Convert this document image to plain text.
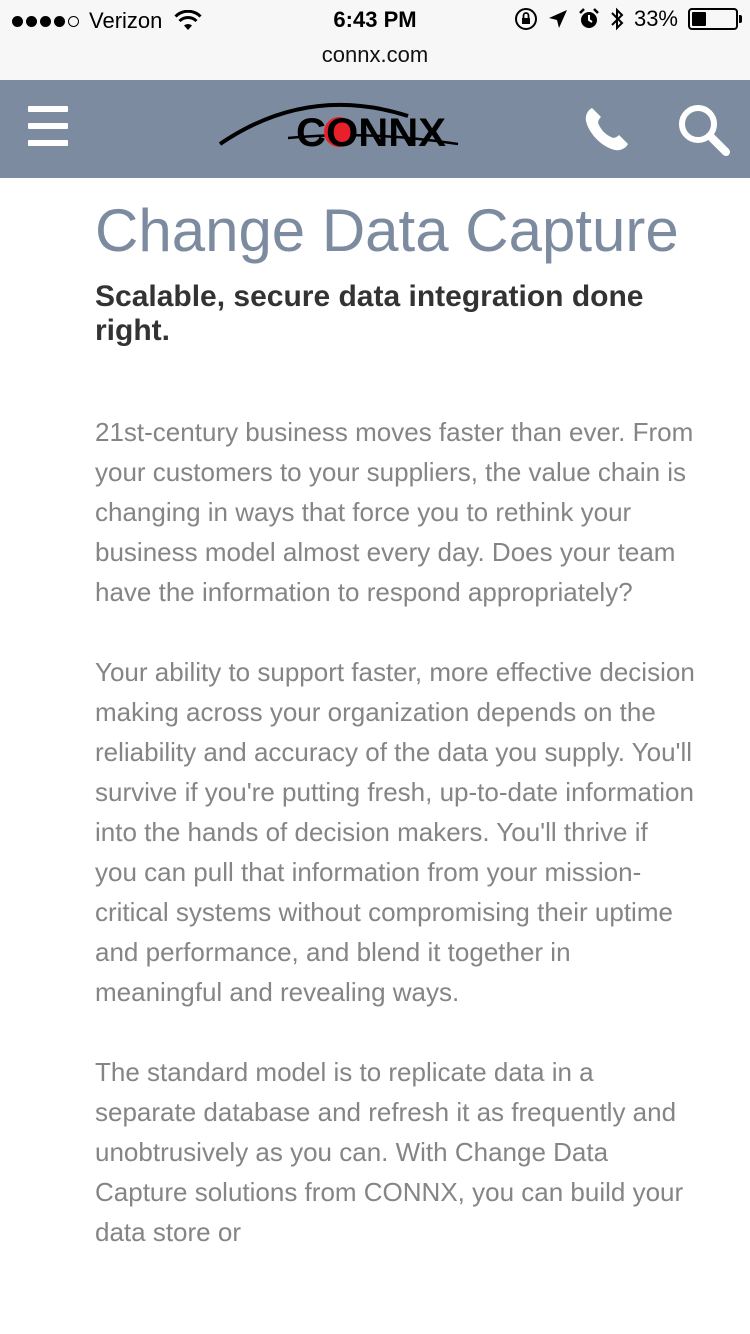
Verizon	6:43 PM	33%
connx.com
CONNX
Change Data Capture
Scalable, secure data integration done right.

21st-century business moves faster than ever. From your customers to your suppliers, the value chain is changing in ways that force you to rethink your business model almost every day. Does your team have the information to respond appropriately?

Your ability to support faster, more effective decision making across your organization depends on the reliability and accuracy of the data you supply. You'll survive if you're putting fresh, up-to-date information into the hands of decision makers. You'll thrive if you can pull that information from your mission-critical systems without compromising their uptime and performance, and blend it together in meaningful and revealing ways.

The standard model is to replicate data in a separate database and refresh it as frequently and unobtrusively as you can. With Change Data Capture solutions from CONNX, you can build your data store or
